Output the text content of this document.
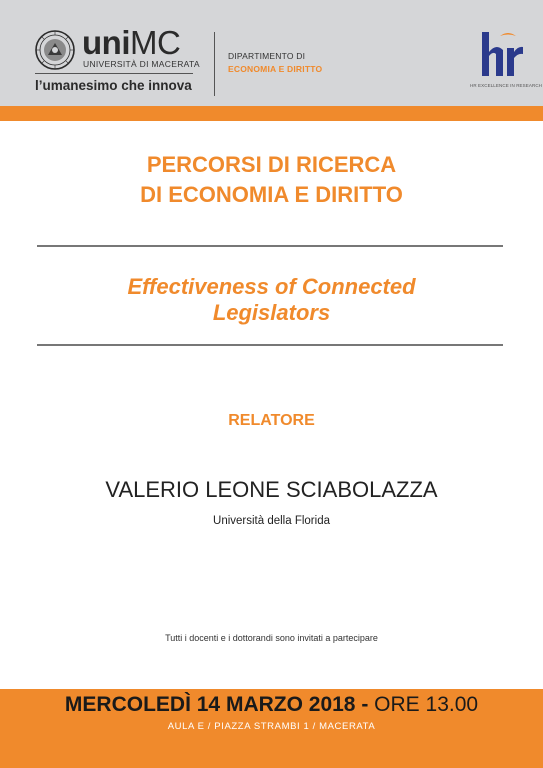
uniMC
UNIVERSITÀ DI MACERATA
l’umanesimo che innova
DIPARTIMENTO DI
ECONOMIA E DIRITTO
HR EXCELLENCE IN RESEARCH
PERCORSI DI RICERCA
DI ECONOMIA E DIRITTO
Effectiveness of Connected
Legislators
RELATORE
VALERIO LEONE SCIABOLAZZA
Università della Florida
Tutti i docenti e i dottorandi sono invitati a partecipare
MERCOLEDÌ 14 MARZO 2018 - ORE 13.00
AULA E / PIAZZA STRAMBI 1 / MACERATA
